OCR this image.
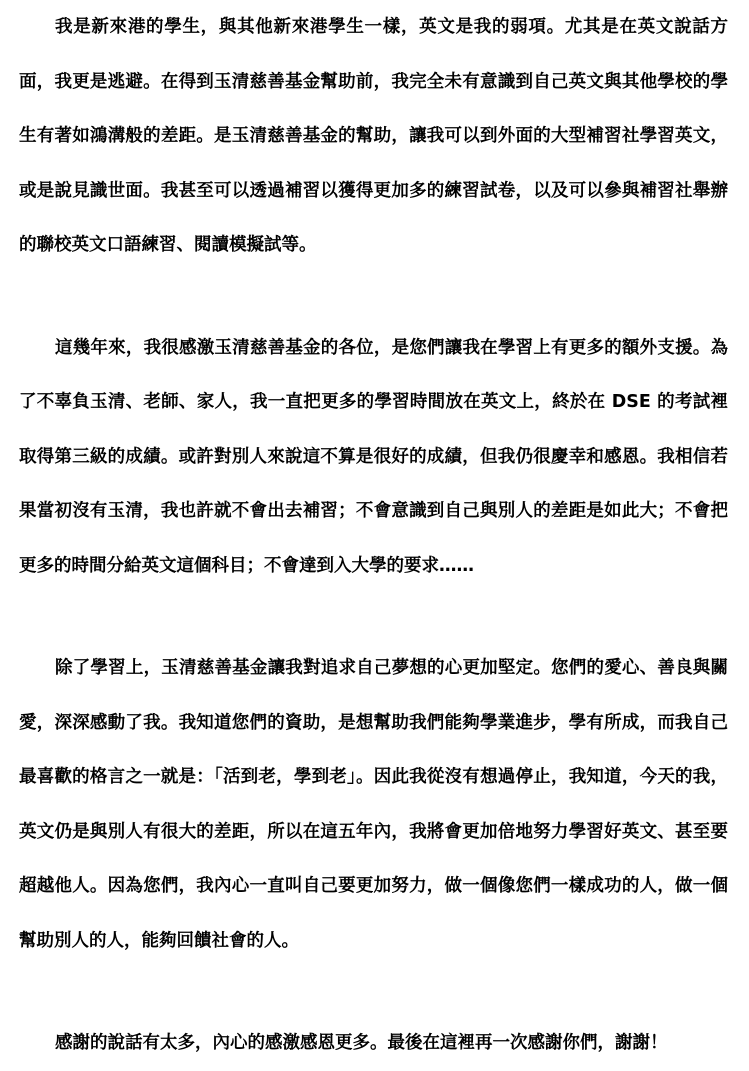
我是新來港的學生，與其他新來港學生一樣，英文是我的弱項。尤其是在英文說話方面，我更是逃避。在得到玉清慈善基金幫助前，我完全未有意識到自己英文與其他學校的學生有著如鴻溝般的差距。是玉清慈善基金的幫助，讓我可以到外面的大型補習社學習英文，或是說見識世面。我甚至可以透過補習以獲得更加多的練習試卷，以及可以參與補習社舉辦的聯校英文口語練習、閱讀模擬試等。

這幾年來，我很感激玉清慈善基金的各位，是您們讓我在學習上有更多的額外支援。為了不辜負玉清、老師、家人，我一直把更多的學習時間放在英文上，終於在 DSE 的考試裡取得第三級的成績。或許對別人來說這不算是很好的成績，但我仍很慶幸和感恩。我相信若果當初沒有玉清，我也許就不會出去補習；不會意識到自己與別人的差距是如此大；不會把更多的時間分給英文這個科目；不會達到入大學的要求……

除了學習上，玉清慈善基金讓我對追求自己夢想的心更加堅定。您們的愛心、善良與關愛，深深感動了我。我知道您們的資助，是想幫助我們能夠學業進步，學有所成，而我自己最喜歡的格言之一就是：「活到老，學到老」。因此我從沒有想過停止，我知道，今天的我，英文仍是與別人有很大的差距，所以在這五年內，我將會更加倍地努力學習好英文、甚至要超越他人。因為您們，我內心一直叫自己要更加努力，做一個像您們一樣成功的人，做一個幫助別人的人，能夠回饋社會的人。

感謝的說話有太多，內心的感激感恩更多。最後在這裡再一次感謝你們，謝謝！
